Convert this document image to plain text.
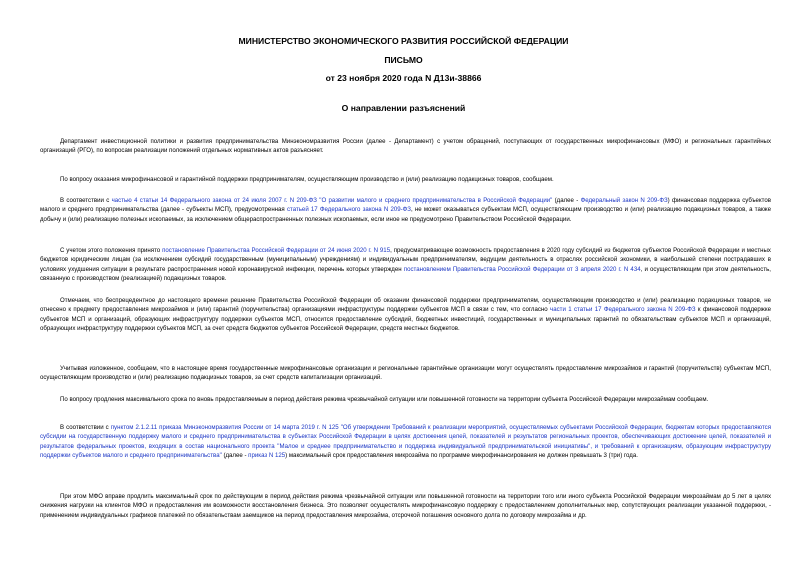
МИНИСТЕРСТВО ЭКОНОМИЧЕСКОГО РАЗВИТИЯ РОССИЙСКОЙ ФЕДЕРАЦИИ
ПИСЬМО
от 23 ноября 2020 года N Д13и-38866
О направлении разъяснений

Департамент инвестиционной политики и развития предпринимательства Минэкономразвития России (далее - Департамент) с учетом обращений, поступающих от государственных микрофинансовых (МФО) и региональных гарантийных организаций (РГО), по вопросам реализации положений отдельных нормативных актов разъясняет.

По вопросу оказания микрофинансовой и гарантийной поддержки предпринимателям, осуществляющим производство и (или) реализацию подакцизных товаров, сообщаем.

В соответствии с частью 4 статьи 14 Федерального закона от 24 июля 2007 г. N 209-ФЗ "О развитии малого и среднего предпринимательства в Российской Федерации" (далее - Федеральный закон N 209-ФЗ) финансовая поддержка субъектов малого и среднего предпринимательства (далее - субъекты МСП), предусмотренная статьей 17 Федерального закона N 209-ФЗ, не может оказываться субъектам МСП, осуществляющим производство и (или) реализацию подакцизных товаров, а также добычу и (или) реализацию полезных ископаемых, за исключением общераспространенных полезных ископаемых, если иное не предусмотрено Правительством Российской Федерации.

С учетом этого положения принято постановление Правительства Российской Федерации от 24 июня 2020 г. N 915, предусматривающее возможность предоставления в 2020 году субсидий из бюджетов субъектов Российской Федерации и местных бюджетов юридическим лицам (за исключением субсидий государственным (муниципальным) учреждениям) и индивидуальным предпринимателям, ведущим деятельность в отраслях российской экономики, в наибольшей степени пострадавших в условиях ухудшения ситуации в результате распространения новой коронавирусной инфекции, перечень которых утвержден постановлением Правительства Российской Федерации от 3 апреля 2020 г. N 434, и осуществляющим при этом деятельность, связанную с производством (реализацией) подакцизных товаров.

Отмечаем, что беспрецедентное до настоящего времени решение Правительства Российской Федерации об оказании финансовой поддержки предпринимателям, осуществляющим производство и (или) реализацию подакцизных товаров, не отнесено к предмету предоставления микрозаймов и (или) гарантий (поручительства) организациями инфраструктуры поддержки субъектов МСП в связи с тем, что согласно части 1 статьи 17 Федерального закона N 209-ФЗ к финансовой поддержке субъектов МСП и организаций, образующих инфраструктуру поддержки субъектов МСП, относится предоставление субсидий, бюджетных инвестиций, государственных и муниципальных гарантий по обязательствам субъектов МСП и организаций, образующих инфраструктуру поддержки субъектов МСП, за счет средств бюджетов субъектов Российской Федерации, средств местных бюджетов.

Учитывая изложенное, сообщаем, что в настоящее время государственные микрофинансовые организации и региональные гарантийные организации могут осуществлять предоставление микрозаймов и гарантий (поручительств) субъектам МСП, осуществляющим производство и (или) реализацию подакцизных товаров, за счет средств капитализации организаций.

По вопросу продления максимального срока по вновь предоставляемым в период действия режима чрезвычайной ситуации или повышенной готовности на территории субъекта Российской Федерации микрозаймам сообщаем.

В соответствии с пунктом 2.1.2.11 приказа Минэкономразвития России от 14 марта 2019 г. N 125 "Об утверждении Требований к реализации мероприятий, осуществляемых субъектами Российской Федерации, бюджетам которых предоставляются субсидии на государственную поддержку малого и среднего предпринимательства в субъектах Российской Федерации в целях достижения целей, показателей и результатов региональных проектов, обеспечивающих достижение целей, показателей и результатов федеральных проектов, входящих в состав национального проекта "Малое и среднее предпринимательство и поддержка индивидуальной предпринимательской инициативы", и требований к организациям, образующим инфраструктуру поддержки субъектов малого и среднего предпринимательства" (далее - приказ N 125) максимальный срок предоставления микрозайма по программе микрофинансирования не должен превышать 3 (три) года.

При этом МФО вправе продлить максимальный срок по действующим в период действия режима чрезвычайной ситуации или повышенной готовности на территории того или иного субъекта Российской Федерации микрозаймам до 5 лет в целях снижения нагрузки на клиентов МФО и предоставления им возможности восстановления бизнеса. Это позволяет осуществлять микрофинансовую поддержку с предоставлением дополнительных мер, сопутствующих реализации указанной поддержки, - применением индивидуальных графиков платежей по обязательствам заемщиков на период предоставления микрозайма, отсрочкой погашения основного долга по договору микрозайма и др.
